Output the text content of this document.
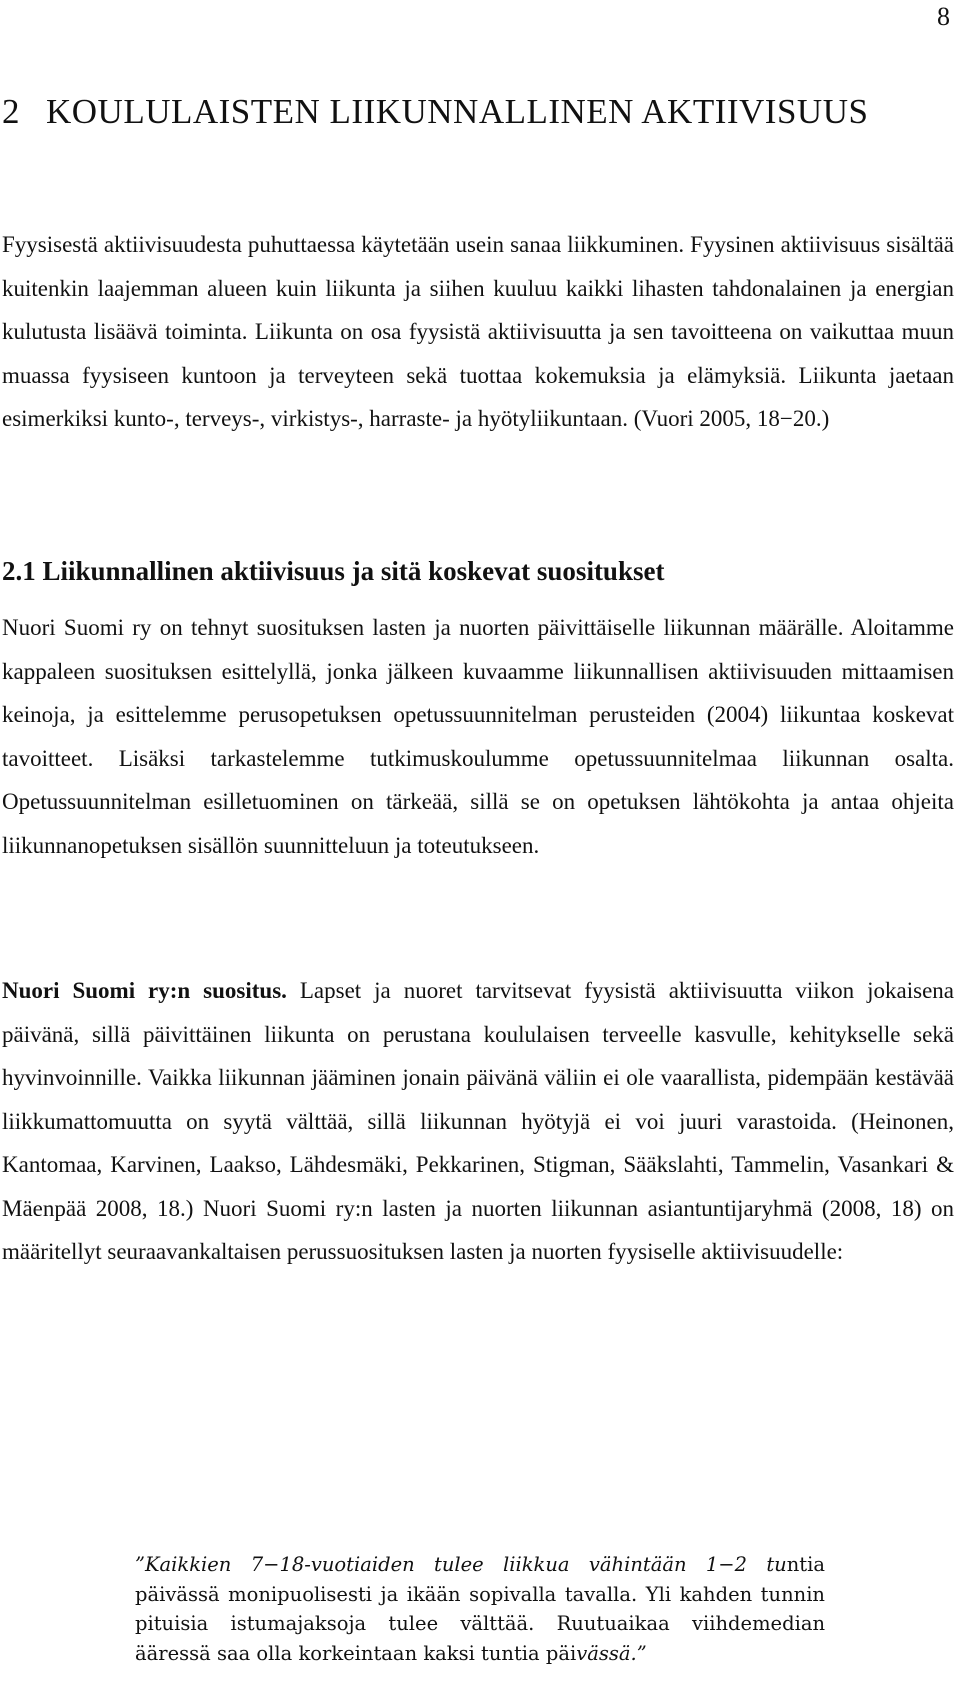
8
2 KOULULAISTEN LIIKUNNALLINEN AKTIIVISUUS

Fyysisestä aktiivisuudesta puhuttaessa käytetään usein sanaa liikkuminen. Fyysinen aktiivisuus sisältää kuitenkin laajemman alueen kuin liikunta ja siihen kuuluu kaikki lihasten tahdonalainen ja energian kulutusta lisäävä toiminta. Liikunta on osa fyysistä aktiivisuutta ja sen tavoitteena on vaikuttaa muun muassa fyysiseen kuntoon ja terveyteen sekä tuottaa kokemuksia ja elämyksiä. Liikunta jaetaan esimerkiksi kunto-, terveys-, virkistys-, harraste- ja hyötyliikuntaan. (Vuori 2005, 18−20.)

2.1 Liikunnallinen aktiivisuus ja sitä koskevat suositukset

Nuori Suomi ry on tehnyt suosituksen lasten ja nuorten päivittäiselle liikunnan määrälle. Aloitamme kappaleen suosituksen esittelyllä, jonka jälkeen kuvaamme liikunnallisen aktiivisuuden mittaamisen keinoja, ja esittelemme perusopetuksen opetussuunnitelman perusteiden (2004) liikuntaa koskevat tavoitteet. Lisäksi tarkastelemme tutkimuskoulumme opetussuunnitelmaa liikunnan osalta. Opetussuunnitelman esilletuominen on tärkeää, sillä se on opetuksen lähtökohta ja antaa ohjeita liikunnanopetuksen sisällön suunnitteluun ja toteutukseen.

Nuori Suomi ry:n suositus. Lapset ja nuoret tarvitsevat fyysistä aktiivisuutta viikon jokaisena päivänä, sillä päivittäinen liikunta on perustana koululaisen terveelle kasvulle, kehitykselle sekä hyvinvoinnille. Vaikka liikunnan jääminen jonain päivänä väliin ei ole vaarallista, pidempään kestävää liikkumattomuutta on syytä välttää, sillä liikunnan hyötyjä ei voi juuri varastoida. (Heinonen, Kantomaa, Karvinen, Laakso, Lähdesmäki, Pekkarinen, Stigman, Sääkslahti, Tammelin, Vasankari & Mäenpää 2008, 18.) Nuori Suomi ry:n lasten ja nuorten liikunnan asiantuntijaryhmä (2008, 18) on määritellyt seuraavankaltaisen perussuosituksen lasten ja nuorten fyysiselle aktiivisuudelle:

”Kaikkien 7−18-vuotiaiden tulee liikkua vähintään 1−2 tuntia päivässä monipuolisesti ja ikään sopivalla tavalla. Yli kahden tunnin pituisia istumajaksoja tulee välttää. Ruutuaikaa viihdemedian ääressä saa olla korkeintaan kaksi tuntia päivässä.”
